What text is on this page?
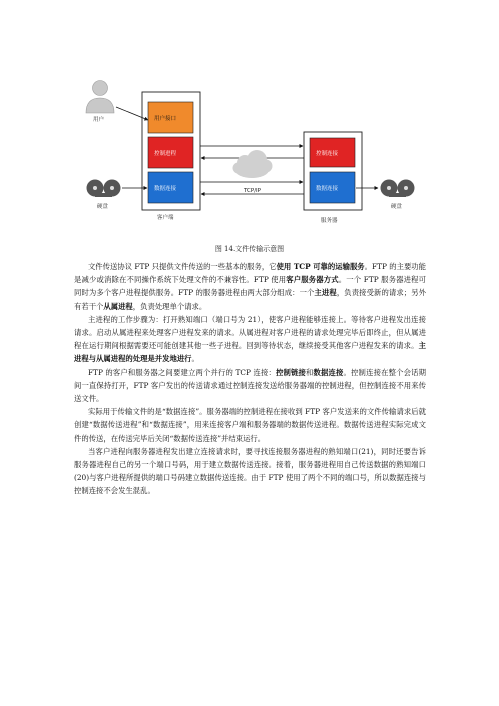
用户	用户接口
控制进程
数据连接
客户端
控制连接
数据连接
服务器
TCP/IP
硬盘	硬盘
图 14.文件传输示意图

文件传送协议 FTP 只提供文件传送的一些基本的服务，它使用 TCP 可靠的运输服务。FTP 的主要功能是减少或消除在不同操作系统下处理文件的不兼容性。FTP 使用客户服务器方式。一个 FTP 服务器进程可同时为多个客户进程提供服务。FTP 的服务器进程由两大部分组成：一个主进程，负责接受新的请求；另外有若干个从属进程，负责处理单个请求。

主进程的工作步骤为：打开熟知端口（端口号为 21），使客户进程能够连接上。等待客户进程发出连接请求。启动从属进程来处理客户进程发来的请求。从属进程对客户进程的请求处理完毕后即终止，但从属进程在运行期间根据需要还可能创建其他一些子进程。回到等待状态，继续接受其他客户进程发来的请求。主进程与从属进程的处理是并发地进行。

FTP 的客户和服务器之间要建立两个并行的 TCP 连接：控制链接和数据连接。控制连接在整个会话期间一直保持打开，FTP 客户发出的传送请求通过控制连接发送给服务器端的控制进程，但控制连接不用来传送文件。

实际用于传输文件的是“数据连接”。服务器端的控制进程在接收到 FTP 客户发送来的文件传输请求后就创建“数据传送进程”和“数据连接”，用来连接客户端和服务器端的数据传送进程。数据传送进程实际完成文件的传送，在传送完毕后关闭“数据传送连接”并结束运行。

当客户进程向服务器进程发出建立连接请求时，要寻找连接服务器进程的熟知端口(21)，同时还要告诉服务器进程自己的另一个端口号码，用于建立数据传送连接。接着，服务器进程用自己传送数据的熟知端口(20)与客户进程所提供的端口号码建立数据传送连接。由于 FTP 使用了两个不同的端口号，所以数据连接与控制连接不会发生混乱。
